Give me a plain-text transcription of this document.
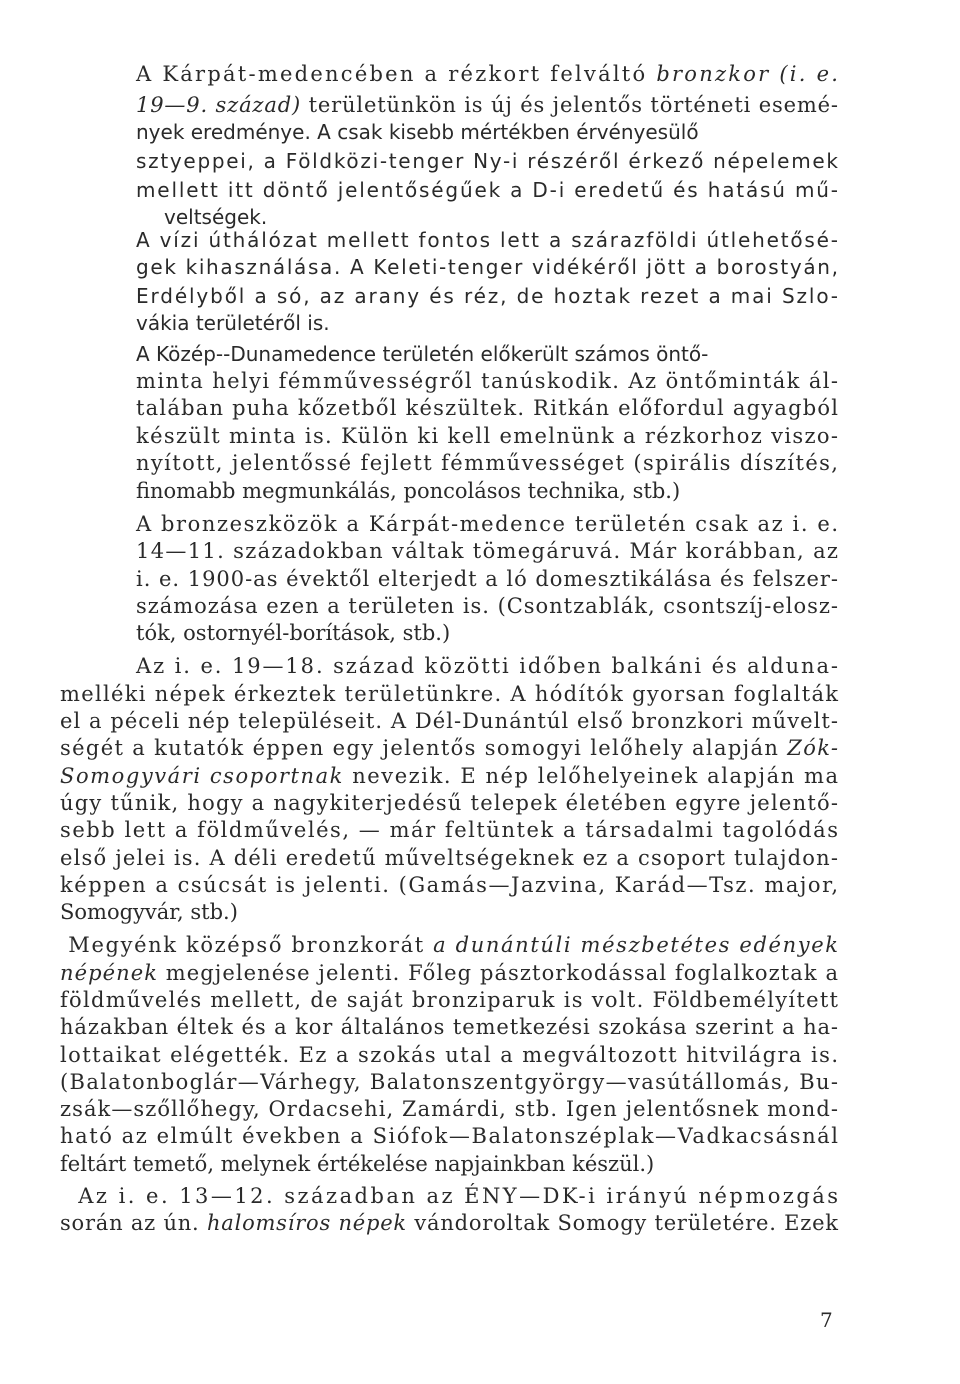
A Kárpát-medencében a rézkort felváltó bronzkor (i. e.

19—9. század) területünkön is új és jelentős történeti esemé-

nyek eredménye. A csak kisebb mértékben érvényesülő

sztyeppei, a Földközi-tenger Ny-i részéről érkező népelemek

mellett itt döntő jelentőségűek a D-i eredetű és hatású mű-

veltségek.

A vízi úthálózat mellett fontos lett a szárazföldi útlehetősé-

gek kihasználása. A Keleti-tenger vidékéről jött a borostyán,

Erdélyből a só, az arany és réz, de hoztak rezet a mai Szlo-

vákia területéről is.

A Közép--Dunamedence területén előkerült számos öntő-

minta helyi fémművességről tanúskodik. Az öntőminták ál-

talában puha kőzetből készültek. Ritkán előfordul agyagból

készült minta is. Külön ki kell emelnünk a rézkorhoz viszo-

nyított, jelentőssé fejlett fémművességet (spirális díszítés,

finomabb megmunkálás, poncolásos technika, stb.)

A bronzeszközök a Kárpát-medence területén csak az i. e.

14—11. századokban váltak tömegáruvá. Már korábban, az

i. e. 1900-as évektől elterjedt a ló domesztikálása és felszer-

számozása ezen a területen is. (Csontzablák, csontszíj-elosz-

tók, ostornyél-borítások, stb.)

Az i. e. 19—18. század közötti időben balkáni és alduna-

melléki népek érkeztek területünkre. A hódítók gyorsan foglalták

el a péceli nép településeit. A Dél-Dunántúl első bronzkori művelt-

ségét a kutatók éppen egy jelentős somogyi lelőhely alapján Zók-

Somogyvári csoportnak nevezik. E nép lelőhelyeinek alapján ma

úgy tűnik, hogy a nagykiterjedésű telepek életében egyre jelentő-

sebb lett a földművelés, — már feltüntek a társadalmi tagolódás

első jelei is. A déli eredetű műveltségeknek ez a csoport tulajdon-

képpen a csúcsát is jelenti. (Gamás—Jazvina, Karád—Tsz. major,

Somogyvár, stb.)

Megyénk középső bronzkorát a dunántúli mészbetétes edények

népének megjelenése jelenti. Főleg pásztorkodással foglalkoztak a

földművelés mellett, de saját bronziparuk is volt. Földbemélyített

házakban éltek és a kor általános temetkezési szokása szerint a ha-

lottaikat elégették. Ez a szokás utal a megváltozott hitvilágra is.

(Balatonboglár—Várhegy, Balatonszentgyörgy—vasútállomás, Bu-

zsák—szőllőhegy, Ordacsehi, Zamárdi, stb. Igen jelentősnek mond-

ható az elmúlt években a Siófok—Balatonszéplak—Vadkacsásnál

feltárt temető, melynek értékelése napjainkban készül.)

Az i. e. 13—12. században az ÉNY—DK-i irányú népmozgás

során az ún. halomsíros népek vándoroltak Somogy területére. Ezek

7
